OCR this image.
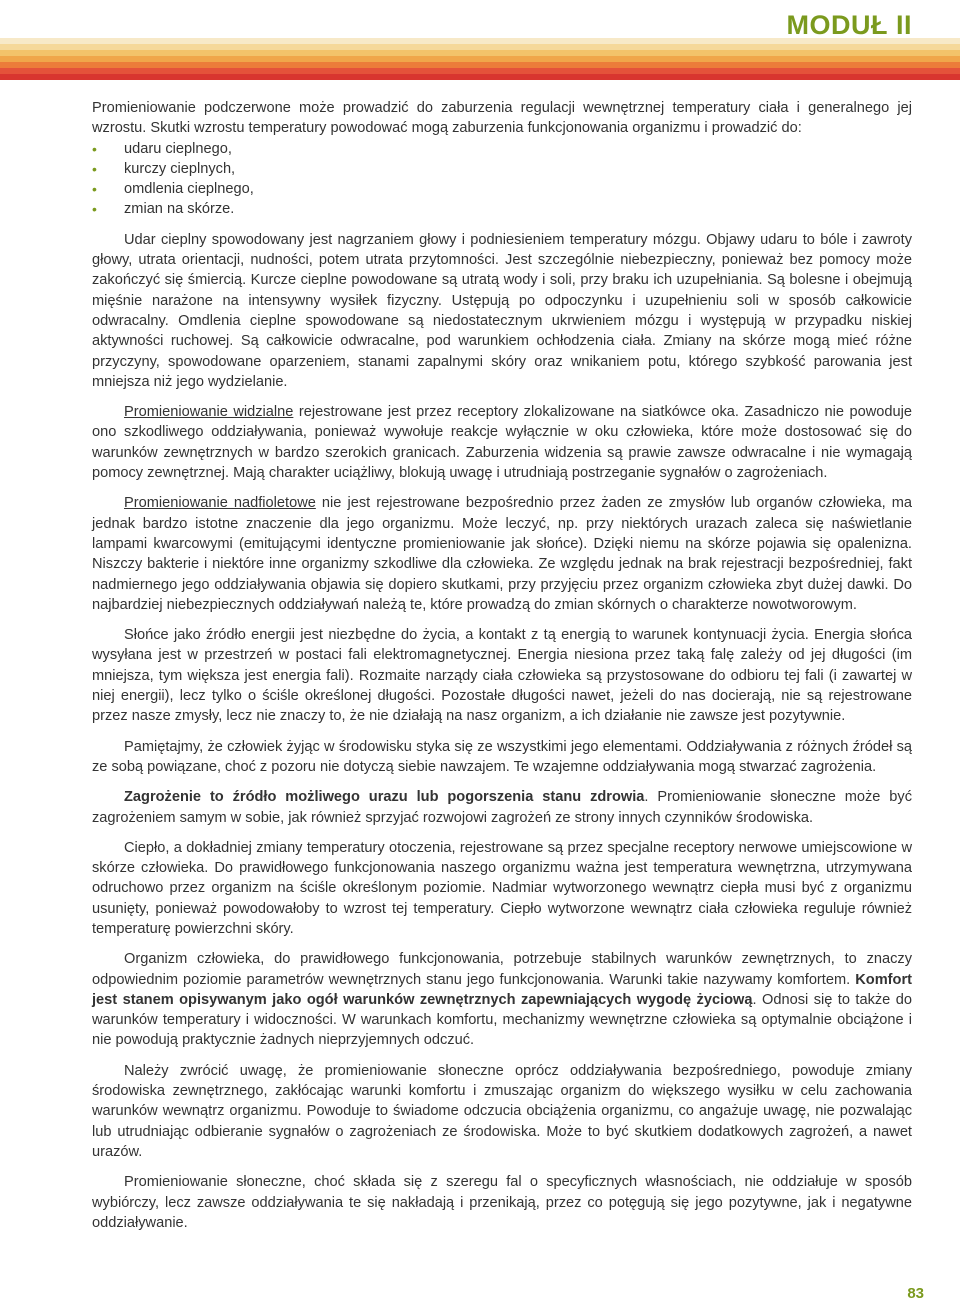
MODUŁ II

Promieniowanie podczerwone może prowadzić do zaburzenia regulacji wewnętrznej temperatury ciała i generalnego jej wzrostu. Skutki wzrostu temperatury powodować mogą zaburzenia funkcjonowania organizmu i prowadzić do:

• udaru cieplnego,
• kurczy cieplnych,
• omdlenia cieplnego,
• zmian na skórze.

Udar cieplny spowodowany jest nagrzaniem głowy i podniesieniem temperatury mózgu. Objawy udaru to bóle i zawroty głowy, utrata orientacji, nudności, potem utrata przytomności. Jest szczególnie niebezpieczny, ponieważ bez pomocy może zakończyć się śmiercią. Kurcze cieplne powodowane są utratą wody i soli, przy braku ich uzupełniania. Są bolesne i obejmują mięśnie narażone na intensywny wysiłek fizyczny. Ustępują po odpoczynku i uzupełnieniu soli w sposób całkowicie odwracalny. Omdlenia cieplne spowodowane są niedostatecznym ukrwieniem mózgu i występują w przypadku niskiej aktywności ruchowej. Są całkowicie odwracalne, pod warunkiem ochłodzenia ciała. Zmiany na skórze mogą mieć różne przyczyny, spowodowane oparzeniem, stanami zapalnymi skóry oraz wnikaniem potu, którego szybkość parowania jest mniejsza niż jego wydzielanie.

Promieniowanie widzialne rejestrowane jest przez receptory zlokalizowane na siatkówce oka. Zasadniczo nie powoduje ono szkodliwego oddziaływania, ponieważ wywołuje reakcje wyłącznie w oku człowieka, które może dostosować się do warunków zewnętrznych w bardzo szerokich granicach. Zaburzenia widzenia są prawie zawsze odwracalne i nie wymagają pomocy zewnętrznej. Mają charakter uciążliwy, blokują uwagę i utrudniają postrzeganie sygnałów o zagrożeniach.

Promieniowanie nadfioletowe nie jest rejestrowane bezpośrednio przez żaden ze zmysłów lub organów człowieka, ma jednak bardzo istotne znaczenie dla jego organizmu. Może leczyć, np. przy niektórych urazach zaleca się naświetlanie lampami kwarcowymi (emitującymi identyczne promieniowanie jak słońce). Dzięki niemu na skórze pojawia się opalenizna. Niszczy bakterie i niektóre inne organizmy szkodliwe dla człowieka. Ze względu jednak na brak rejestracji bezpośredniej, fakt nadmiernego jego oddziaływania objawia się dopiero skutkami, przy przyjęciu przez organizm człowieka zbyt dużej dawki. Do najbardziej niebezpiecznych oddziaływań należą te, które prowadzą do zmian skórnych o charakterze nowotworowym.

Słońce jako źródło energii jest niezbędne do życia, a kontakt z tą energią to warunek kontynuacji życia. Energia słońca wysyłana jest w przestrzeń w postaci fali elektromagnetycznej. Energia niesiona przez taką falę zależy od jej długości (im mniejsza, tym większa jest energia fali). Rozmaite narządy ciała człowieka są przystosowane do odbioru tej fali (i zawartej w niej energii), lecz tylko o ściśle określonej długości. Pozostałe długości nawet, jeżeli do nas docierają, nie są rejestrowane przez nasze zmysły, lecz nie znaczy to, że nie działają na nasz organizm, a ich działanie nie zawsze jest pozytywnie.

Pamiętajmy, że człowiek żyjąc w środowisku styka się ze wszystkimi jego elementami. Oddziaływania z różnych źródeł są ze sobą powiązane, choć z pozoru nie dotyczą siebie nawzajem. Te wzajemne oddziaływania mogą stwarzać zagrożenia.

Zagrożenie to źródło możliwego urazu lub pogorszenia stanu zdrowia. Promieniowanie słoneczne może być zagrożeniem samym w sobie, jak również sprzyjać rozwojowi zagrożeń ze strony innych czynników środowiska.

Ciepło, a dokładniej zmiany temperatury otoczenia, rejestrowane są przez specjalne receptory nerwowe umiejscowione w skórze człowieka. Do prawidłowego funkcjonowania naszego organizmu ważna jest temperatura wewnętrzna, utrzymywana odruchowo przez organizm na ściśle określonym poziomie. Nadmiar wytworzonego wewnątrz ciepła musi być z organizmu usunięty, ponieważ powodowałoby to wzrost tej temperatury. Ciepło wytworzone wewnątrz ciała człowieka reguluje również temperaturę powierzchni skóry.

Organizm człowieka, do prawidłowego funkcjonowania, potrzebuje stabilnych warunków zewnętrznych, to znaczy odpowiednim poziomie parametrów wewnętrznych stanu jego funkcjonowania. Warunki takie nazywamy komfortem. Komfort jest stanem opisywanym jako ogół warunków zewnętrznych zapewniających wygodę życiową. Odnosi się to także do warunków temperatury i widoczności. W warunkach komfortu, mechanizmy wewnętrzne człowieka są optymalnie obciążone i nie powodują praktycznie żadnych nieprzyjemnych odczuć.

Należy zwrócić uwagę, że promieniowanie słoneczne oprócz oddziaływania bezpośredniego, powoduje zmiany środowiska zewnętrznego, zakłócając warunki komfortu i zmuszając organizm do większego wysiłku w celu zachowania warunków wewnątrz organizmu. Powoduje to świadome odczucia obciążenia organizmu, co angażuje uwagę, nie pozwalając lub utrudniając odbieranie sygnałów o zagrożeniach ze środowiska. Może to być skutkiem dodatkowych zagrożeń, a nawet urazów.

Promieniowanie słoneczne, choć składa się z szeregu fal o specyficznych własnościach, nie oddziałuje w sposób wybiórczy, lecz zawsze oddziaływania te się nakładają i przenikają, przez co potęgują się jego pozytywne, jak i negatywne oddziaływanie.

83
